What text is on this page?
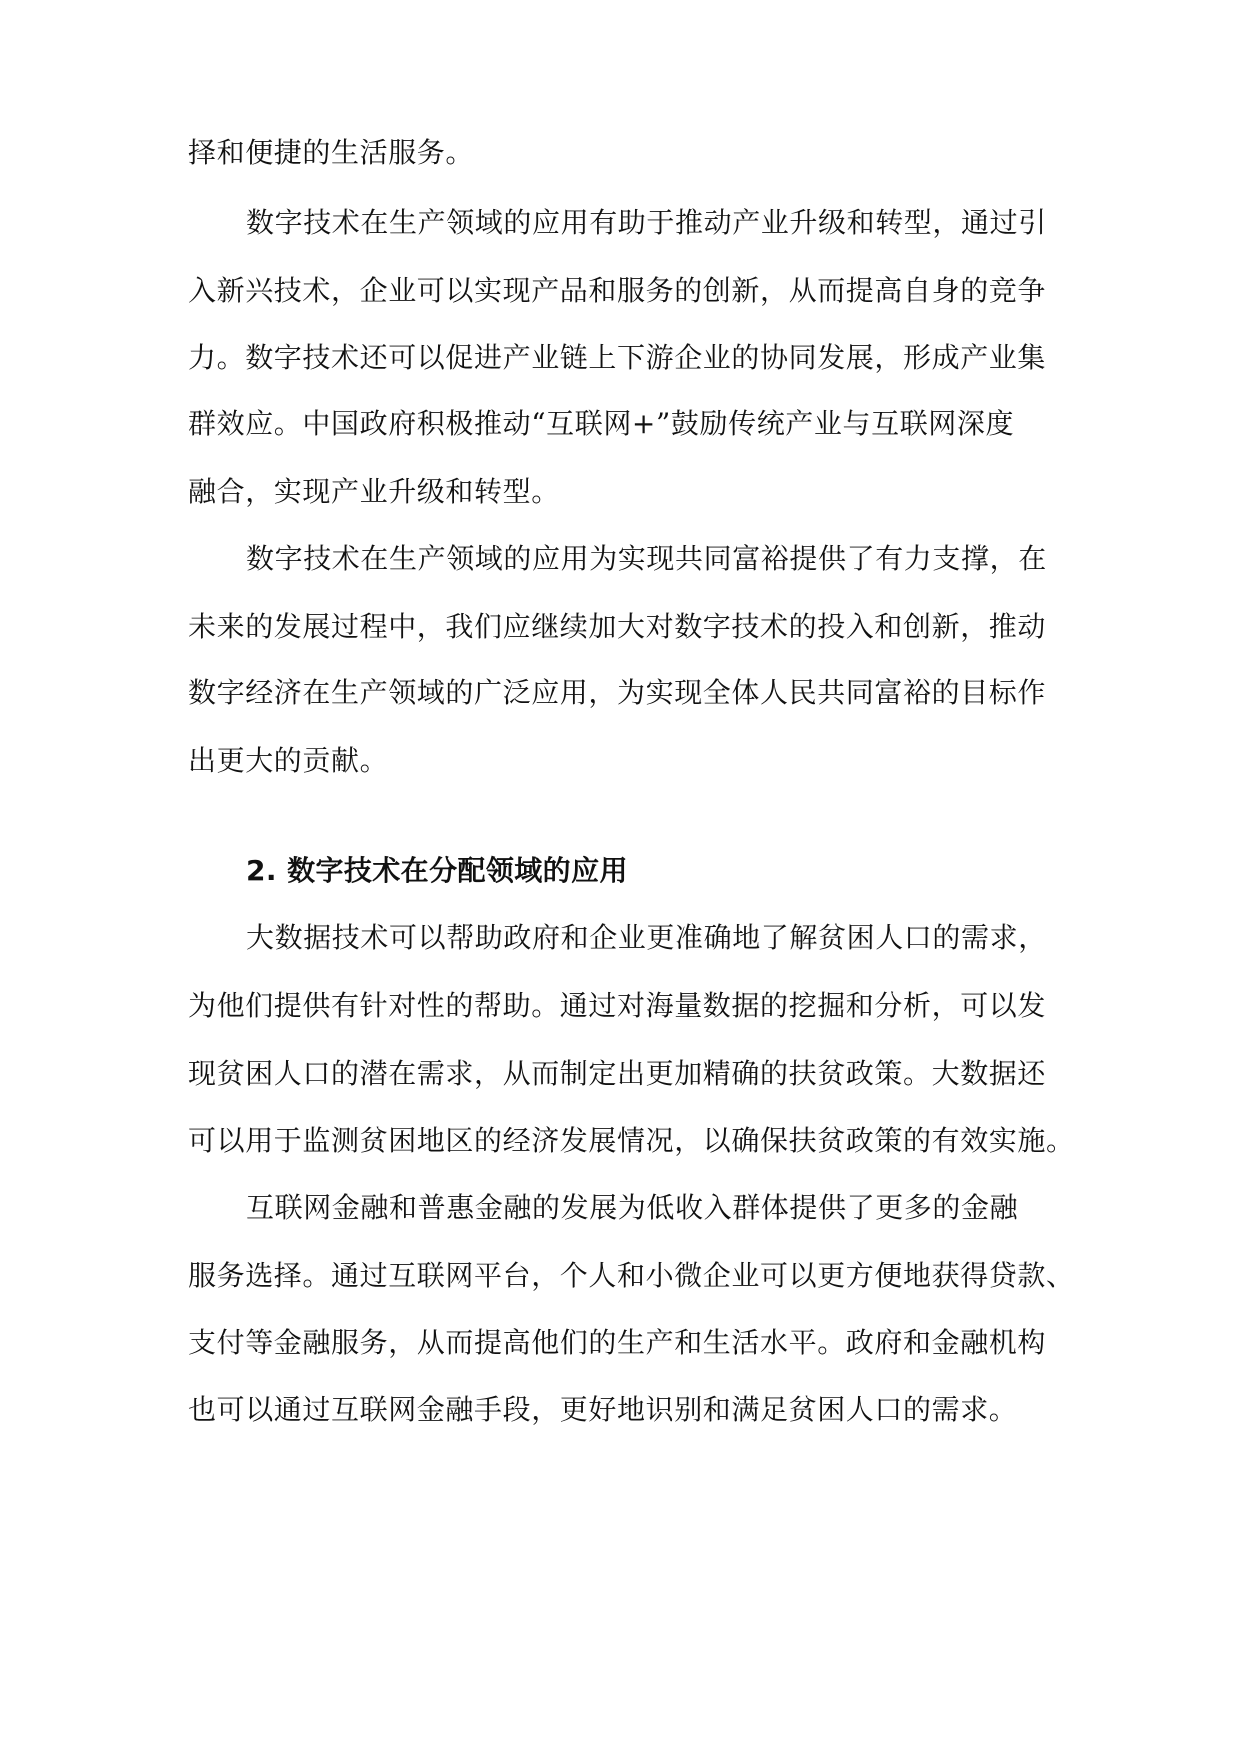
择和便捷的生活服务。
数字技术在生产领域的应用有助于推动产业升级和转型，通过引
入新兴技术，企业可以实现产品和服务的创新，从而提高自身的竞争
力。数字技术还可以促进产业链上下游企业的协同发展，形成产业集
群效应。中国政府积极推动“互联网+”鼓励传统产业与互联网深度
融合，实现产业升级和转型。
数字技术在生产领域的应用为实现共同富裕提供了有力支撑，在
未来的发展过程中，我们应继续加大对数字技术的投入和创新，推动
数字经济在生产领域的广泛应用，为实现全体人民共同富裕的目标作
出更大的贡献。
2. 数字技术在分配领域的应用
大数据技术可以帮助政府和企业更准确地了解贫困人口的需求，
为他们提供有针对性的帮助。通过对海量数据的挖掘和分析，可以发
现贫困人口的潜在需求，从而制定出更加精确的扶贫政策。大数据还
可以用于监测贫困地区的经济发展情况，以确保扶贫政策的有效实施。
互联网金融和普惠金融的发展为低收入群体提供了更多的金融
服务选择。通过互联网平台，个人和小微企业可以更方便地获得贷款、
支付等金融服务，从而提高他们的生产和生活水平。政府和金融机构
也可以通过互联网金融手段，更好地识别和满足贫困人口的需求。
